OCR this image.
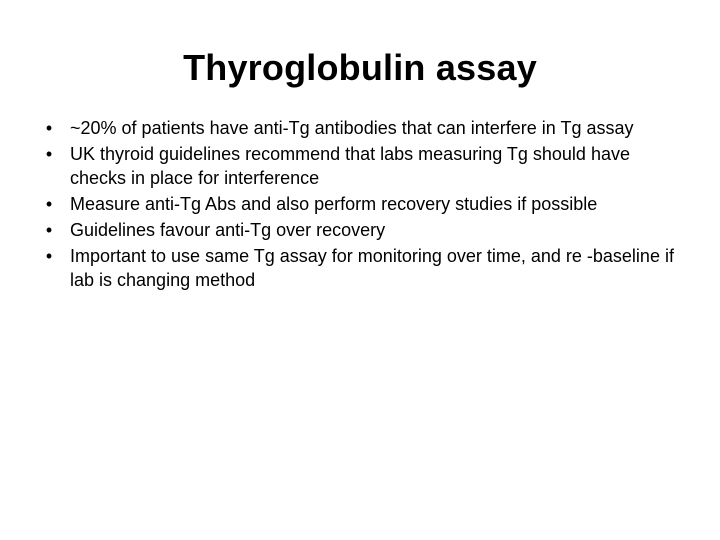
Thyroglobulin assay
• ~20% of patients have anti-Tg antibodies that can interfere in Tg assay
• UK thyroid guidelines recommend that labs measuring Tg should have checks in place for interference
• Measure anti-Tg Abs and also perform recovery studies if possible
• Guidelines favour anti-Tg over recovery
• Important to use same Tg assay for monitoring over time, and re -baseline if lab is changing method
